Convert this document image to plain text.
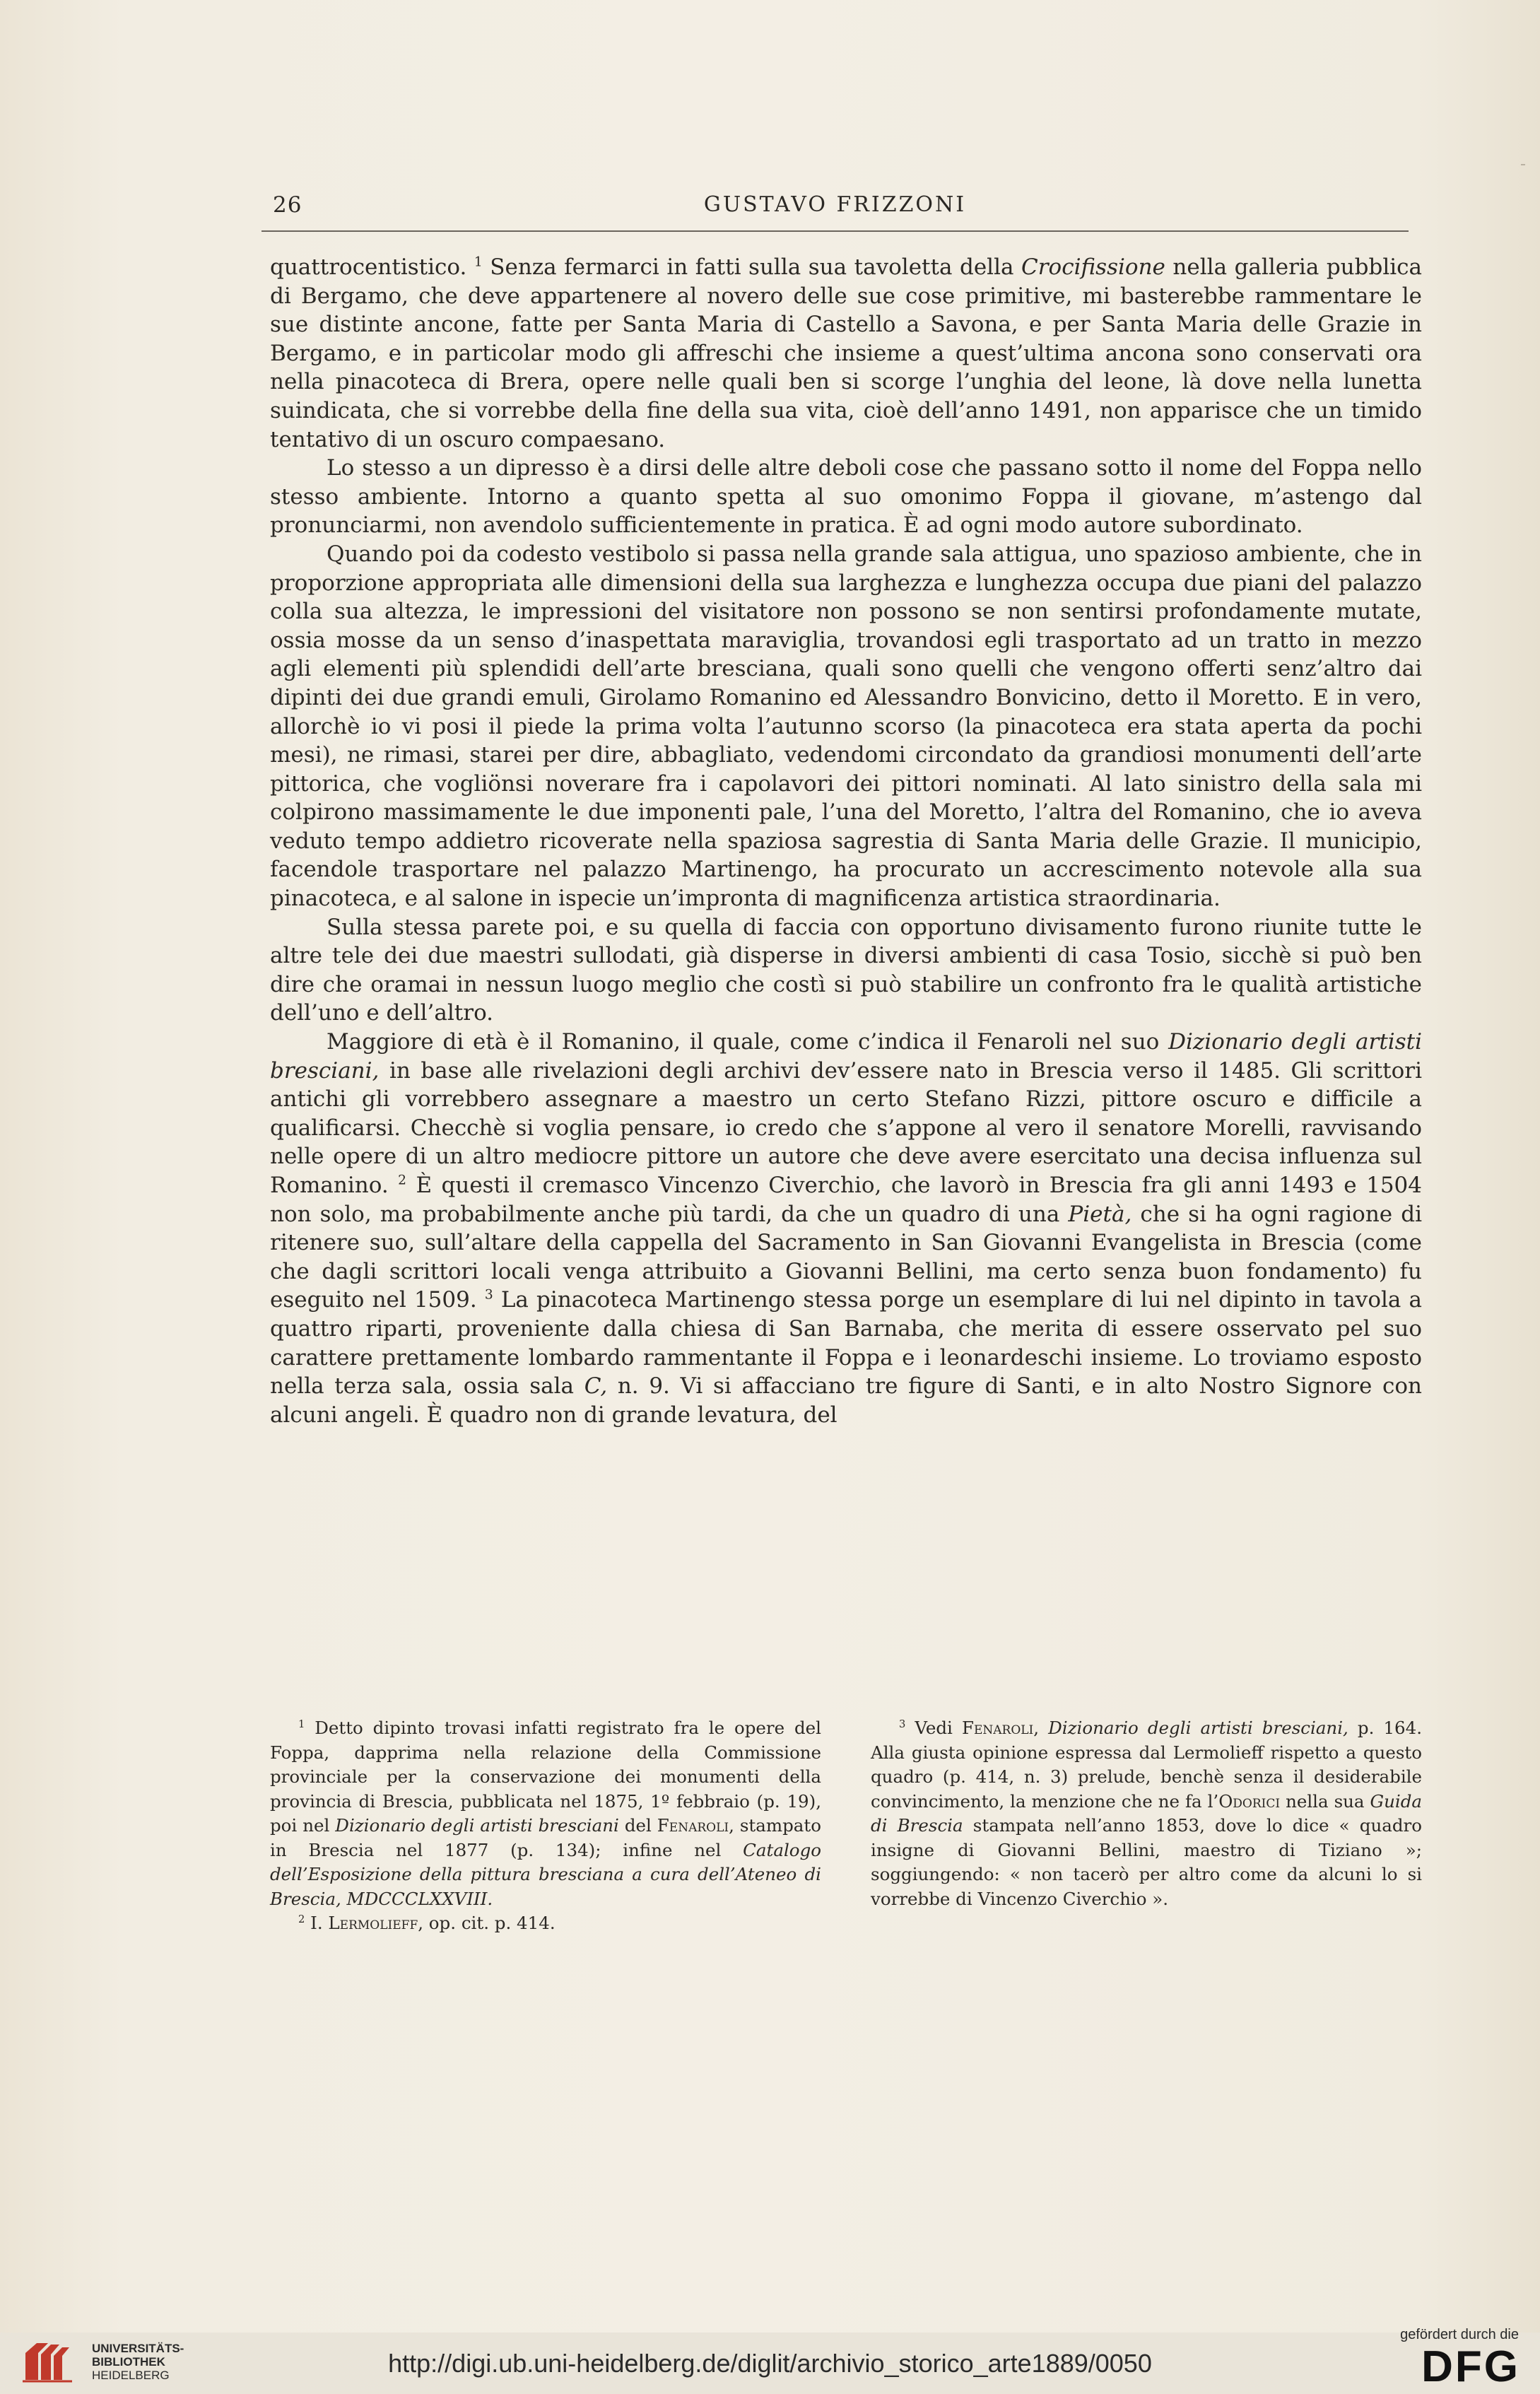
26	GUSTAVO FRIZZONI

quattrocentistico. $^1$ Senza fermarci in fatti sulla sua tavoletta della Crocifissione nella galleria pubblica di Bergamo, che deve appartenere al novero delle sue cose primitive, mi basterebbe rammentare le sue distinte ancone, fatte per Santa Maria di Castello a Savona, e per Santa Maria delle Grazie in Bergamo, e in particolar modo gli affreschi che insieme a quest’ultima ancona sono conservati ora nella pinacoteca di Brera, opere nelle quali ben si scorge l’unghia del leone, là dove nella lunetta suindicata, che si vorrebbe della fine della sua vita, cioè dell’anno 1491, non apparisce che un timido tentativo di un oscuro compaesano.

Lo stesso a un dipresso è a dirsi delle altre deboli cose che passano sotto il nome del Foppa nello stesso ambiente. Intorno a quanto spetta al suo omonimo Foppa il giovane, m’astengo dal pronunciarmi, non avendolo sufficientemente in pratica. È ad ogni modo autore subordinato.

Quando poi da codesto vestibolo si passa nella grande sala attigua, uno spazioso ambiente, che in proporzione appropriata alle dimensioni della sua larghezza e lunghezza occupa due piani del palazzo colla sua altezza, le impressioni del visitatore non possono se non sentirsi profondamente mutate, ossia mosse da un senso d’inaspettata maraviglia, trovandosi egli trasportato ad un tratto in mezzo agli elementi più splendidi dell’arte bresciana, quali sono quelli che vengono offerti senz’altro dai dipinti dei due grandi emuli, Girolamo Romanino ed Alessandro Bonvicino, detto il Moretto. E in vero, allorchè io vi posi il piede la prima volta l’autunno scorso (la pinacoteca era stata aperta da pochi mesi), ne rimasi, starei per dire, abbagliato, vedendomi circondato da grandiosi monumenti dell’arte pittorica, che vogliönsi noverare fra i capolavori dei pittori nominati. Al lato sinistro della sala mi colpirono massimamente le due imponenti pale, l’una del Moretto, l’altra del Romanino, che io aveva veduto tempo addietro ricoverate nella spaziosa sagrestia di Santa Maria delle Grazie. Il municipio, facendole trasportare nel palazzo Martinengo, ha procurato un accrescimento notevole alla sua pinacoteca, e al salone in ispecie un’impronta di magnificenza artistica straordinaria.

Sulla stessa parete poi, e su quella di faccia con opportuno divisamento furono riunite tutte le altre tele dei due maestri sullodati, già disperse in diversi ambienti di casa Tosio, sicchè si può ben dire che oramai in nessun luogo meglio che costì si può stabilire un confronto fra le qualità artistiche dell’uno e dell’altro.

Maggiore di età è il Romanino, il quale, come c’indica il Fenaroli nel suo Dizionario degli artisti bresciani, in base alle rivelazioni degli archivi dev’essere nato in Brescia verso il 1485. Gli scrittori antichi gli vorrebbero assegnare a maestro un certo Stefano Rizzi, pittore oscuro e difficile a qualificarsi. Checchè si voglia pensare, io credo che s’appone al vero il senatore Morelli, ravvisando nelle opere di un altro mediocre pittore un autore che deve avere esercitato una decisa influenza sul Romanino. $^2$ È questi il cremasco Vincenzo Civerchio, che lavorò in Brescia fra gli anni 1493 e 1504 non solo, ma probabilmente anche più tardi, da che un quadro di una Pietà, che si ha ogni ragione di ritenere suo, sull’altare della cappella del Sacramento in San Giovanni Evangelista in Brescia (come che dagli scrittori locali venga attribuito a Giovanni Bellini, ma certo senza buon fondamento) fu eseguito nel 1509. $^3$ La pinacoteca Martinengo stessa porge un esemplare di lui nel dipinto in tavola a quattro riparti, proveniente dalla chiesa di San Barnaba, che merita di essere osservato pel suo carattere prettamente lombardo rammentante il Foppa e i leonardeschi insieme. Lo troviamo esposto nella terza sala, ossia sala C, n. 9. Vi si affacciano tre figure di Santi, e in alto Nostro Signore con alcuni angeli. È quadro non di grande levatura, del

$^1$ Detto dipinto trovasi infatti registrato fra le opere del Foppa, dapprima nella relazione della Commissione provinciale per la conservazione dei monumenti della provincia di Brescia, pubblicata nel 1875, 1º febbraio (p. 19), poi nel Dizionario degli artisti bresciani del Fenaroli, stampato in Brescia nel 1877 (p. 134); infine nel Catalogo dell’Esposizione della pittura bresciana a cura dell’Ateneo di Brescia, MDCCCLXXVIII.

$^2$ I. Lermolieff, op. cit. p. 414.

$^3$ Vedi Fenaroli, Dizionario degli artisti bresciani, p. 164. Alla giusta opinione espressa dal Lermolieff rispetto a questo quadro (p. 414, n. 3) prelude, benchè senza il desiderabile convincimento, la menzione che ne fa l’Odorici nella sua Guida di Brescia stampata nell’anno 1853, dove lo dice « quadro insigne di Giovanni Bellini, maestro di Tiziano »; soggiungendo: « non tacerò per altro come da alcuni lo si vorrebbe di Vincenzo Civerchio ».

UNIVERSITÄTS-
BIBLIOTHEK
HEIDELBERG	http://digi.ub.uni-heidelberg.de/diglit/archivio_storico_arte1889/0050
gefördert durch die
DFG
